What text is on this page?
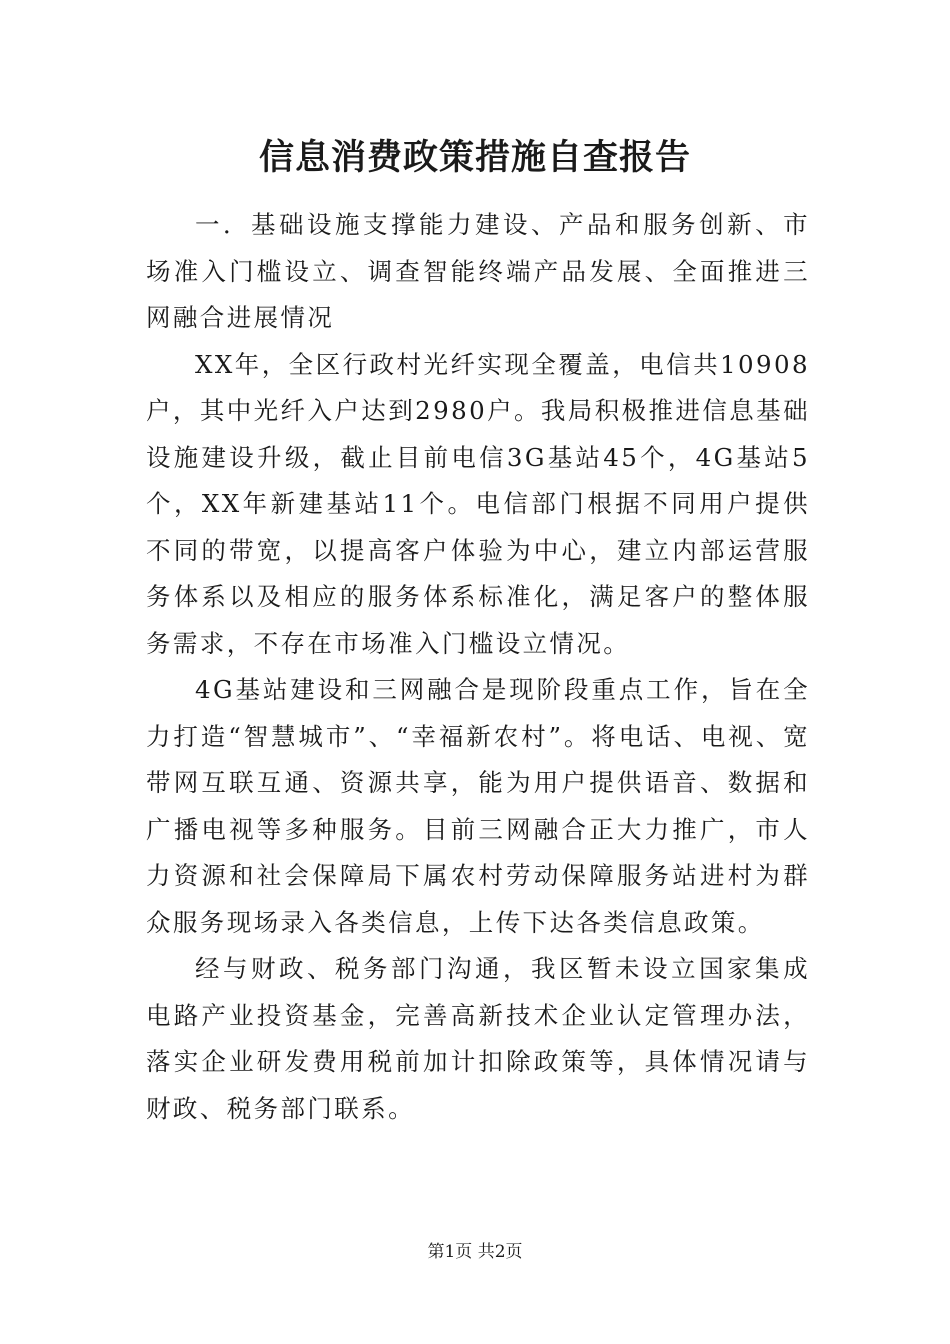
信息消费政策措施自查报告

一．基础设施支撑能力建设、产品和服务创新、市场准入门槛设立、调查智能终端产品发展、全面推进三网融合进展情况

XX年，全区行政村光纤实现全覆盖，电信共10908户，其中光纤入户达到2980户。我局积极推进信息基础设施建设升级，截止目前电信3G基站45个，4G基站5个，XX年新建基站11个。电信部门根据不同用户提供不同的带宽，以提高客户体验为中心，建立内部运营服务体系以及相应的服务体系标准化，满足客户的整体服务需求，不存在市场准入门槛设立情况。

4G基站建设和三网融合是现阶段重点工作，旨在全力打造“智慧城市”、“幸福新农村”。将电话、电视、宽带网互联互通、资源共享，能为用户提供语音、数据和广播电视等多种服务。目前三网融合正大力推广，市人力资源和社会保障局下属农村劳动保障服务站进村为群众服务现场录入各类信息，上传下达各类信息政策。

经与财政、税务部门沟通，我区暂未设立国家集成电路产业投资基金，完善高新技术企业认定管理办法，落实企业研发费用税前加计扣除政策等，具体情况请与财政、税务部门联系。

第1页 共2页
